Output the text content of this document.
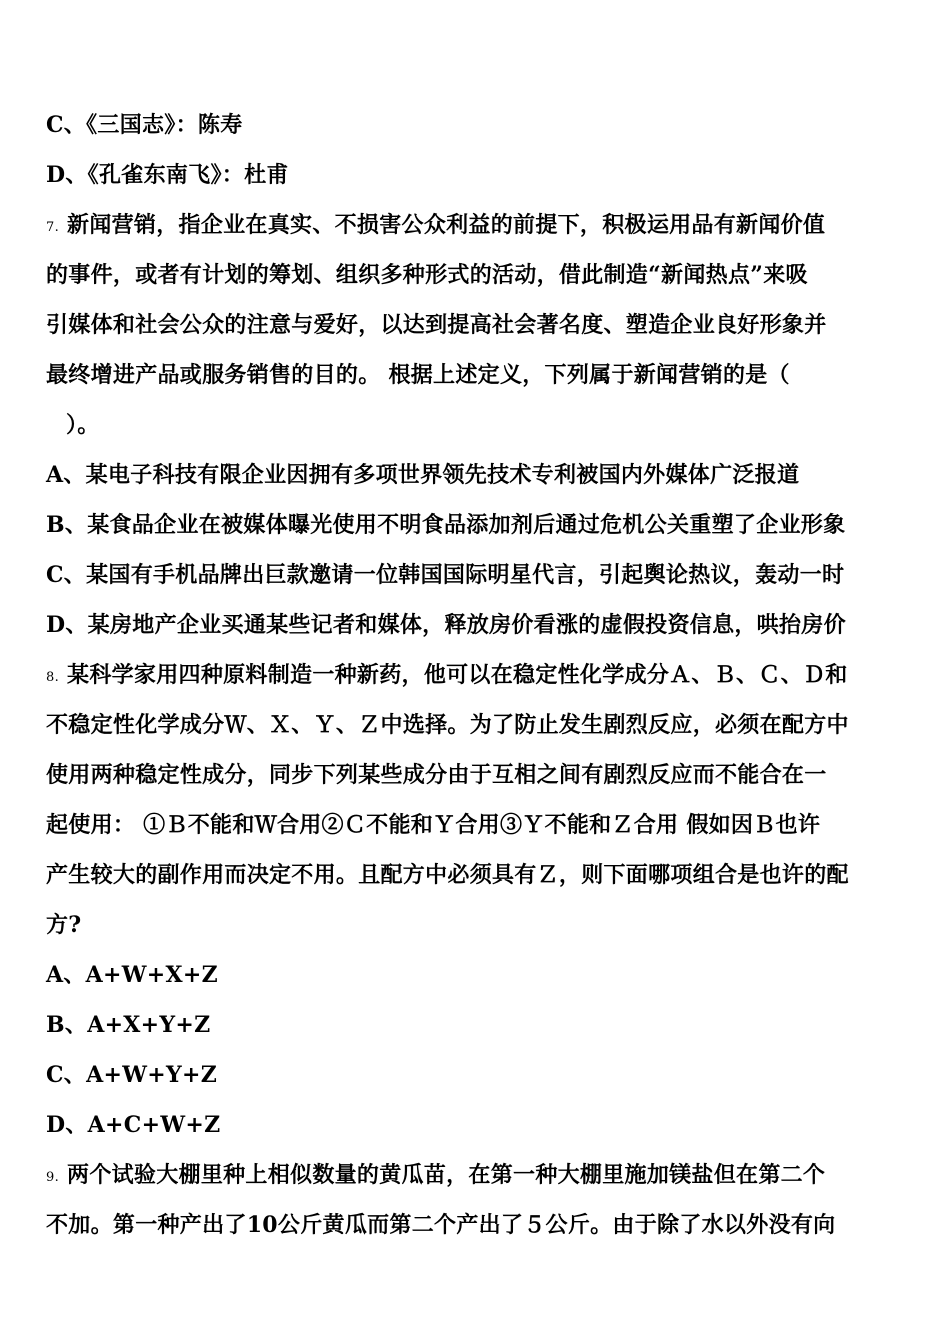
C、《三国志》：陈寿
D、《孔雀东南飞》：杜甫
7. 新闻营销，指企业在真实、不损害公众利益的前提下，积极运用品有新闻价值
的事件，或者有计划的筹划、组织多种形式的活动，借此制造“新闻热点”来吸
引媒体和社会公众的注意与爱好，以达到提高社会著名度、塑造企业良好形象并
最终增进产品或服务销售的目的。 根据上述定义，下列属于新闻营销的是（
）。
A、某电子科技有限企业因拥有多项世界领先技术专利被国内外媒体广泛报道
B、某食品企业在被媒体曝光使用不明食品添加剂后通过危机公关重塑了企业形象
C、某国有手机品牌出巨款邀请一位韩国国际明星代言，引起舆论热议，轰动一时
D、某房地产企业买通某些记者和媒体，释放房价看涨的虚假投资信息，哄抬房价
8. 某科学家用四种原料制造一种新药，他可以在稳定性化学成分Ａ、Ｂ、Ｃ、Ｄ和
不稳定性化学成分Ｗ、Ｘ、Ｙ、Ｚ中选择。为了防止发生剧烈反应，必须在配方中
使用两种稳定性成分，同步下列某些成分由于互相之间有剧烈反应而不能合在一
起使用： ①Ｂ不能和Ｗ合用②Ｃ不能和Ｙ合用③Ｙ不能和Ｚ合用 假如因Ｂ也许
产生较大的副作用而决定不用。且配方中必须具有Ｚ，则下面哪项组合是也许的配
方?
A、A+W+X+Z
B、A+X+Y+Z
C、A+W+Y+Z
D、A+C+W+Z
9. 两个试验大棚里种上相似数量的黄瓜苗，在第一种大棚里施加镁盐但在第二个
不加。第一种产出了10公斤黄瓜而第二个产出了５公斤。由于除了水以外没有向
